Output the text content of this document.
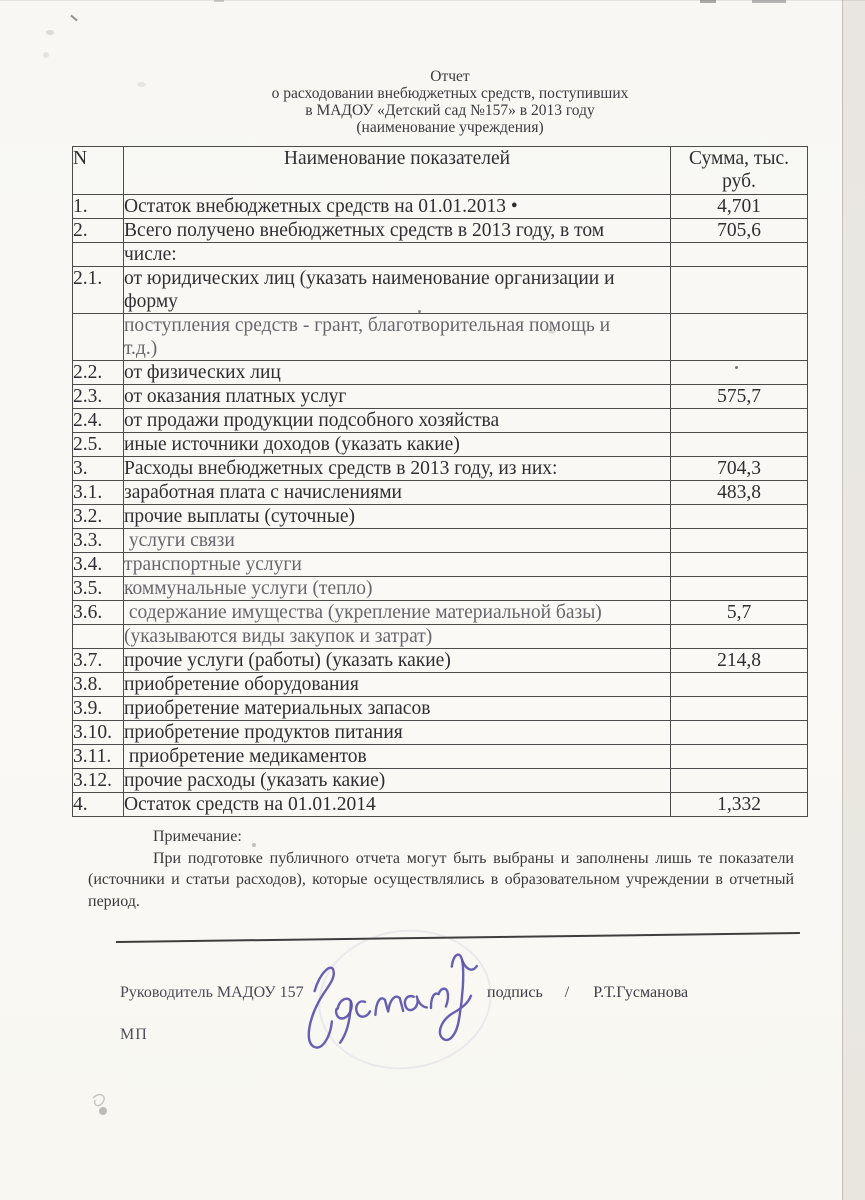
Отчет
о расходовании внебюджетных средств, поступивших
в МАДОУ «Детский сад №157» в 2013 году
(наименование учреждения)
N	Наименование показателей	Сумма, тыс. руб.
1.	Остаток внебюджетных средств на 01.01.2013 •	4,701
2.	Всего получено внебюджетных средств в 2013 году, в том	705,6

	числе:	

2.1.	от юридических лиц (указать наименование организации и
форму	

	поступления средств - грант, благотворительная помощь и
т.д.)	

2.2.	от физических лиц	

2.3.	от оказания платных услуг	575,7
2.4.	от продажи продукции подсобного хозяйства	

2.5.	иные источники доходов (указать какие)	

3.	Расходы внебюджетных средств в 2013 году, из них:	704,3
3.1.	заработная плата с начислениями	483,8
3.2.	прочие выплаты (суточные)	

3.3.	услуги связи	

3.4.	транспортные услуги	

3.5.	коммунальные услуги (тепло)	

3.6.	содержание имущества (укрепление материальной базы)	5,7

	(указываются виды закупок и затрат)	

3.7.	прочие услуги (работы) (указать какие)	214,8
3.8.	приобретение оборудования	

3.9.	приобретение материальных запасов	

3.10.	приобретение продуктов питания	

3.11.	приобретение медикаментов	

3.12.	прочие расходы (указать какие)	

4.	Остаток средств на 01.01.2014	1,332
Примечание:
При подготовке публичного отчета могут быть выбраны и заполнены лишь те показатели (источники и статьи расходов), которые осуществлялись в образовательном учреждении в отчетный период.
Руководитель МАДОУ 157	подпись / Р.Т.Гусманова
МП
